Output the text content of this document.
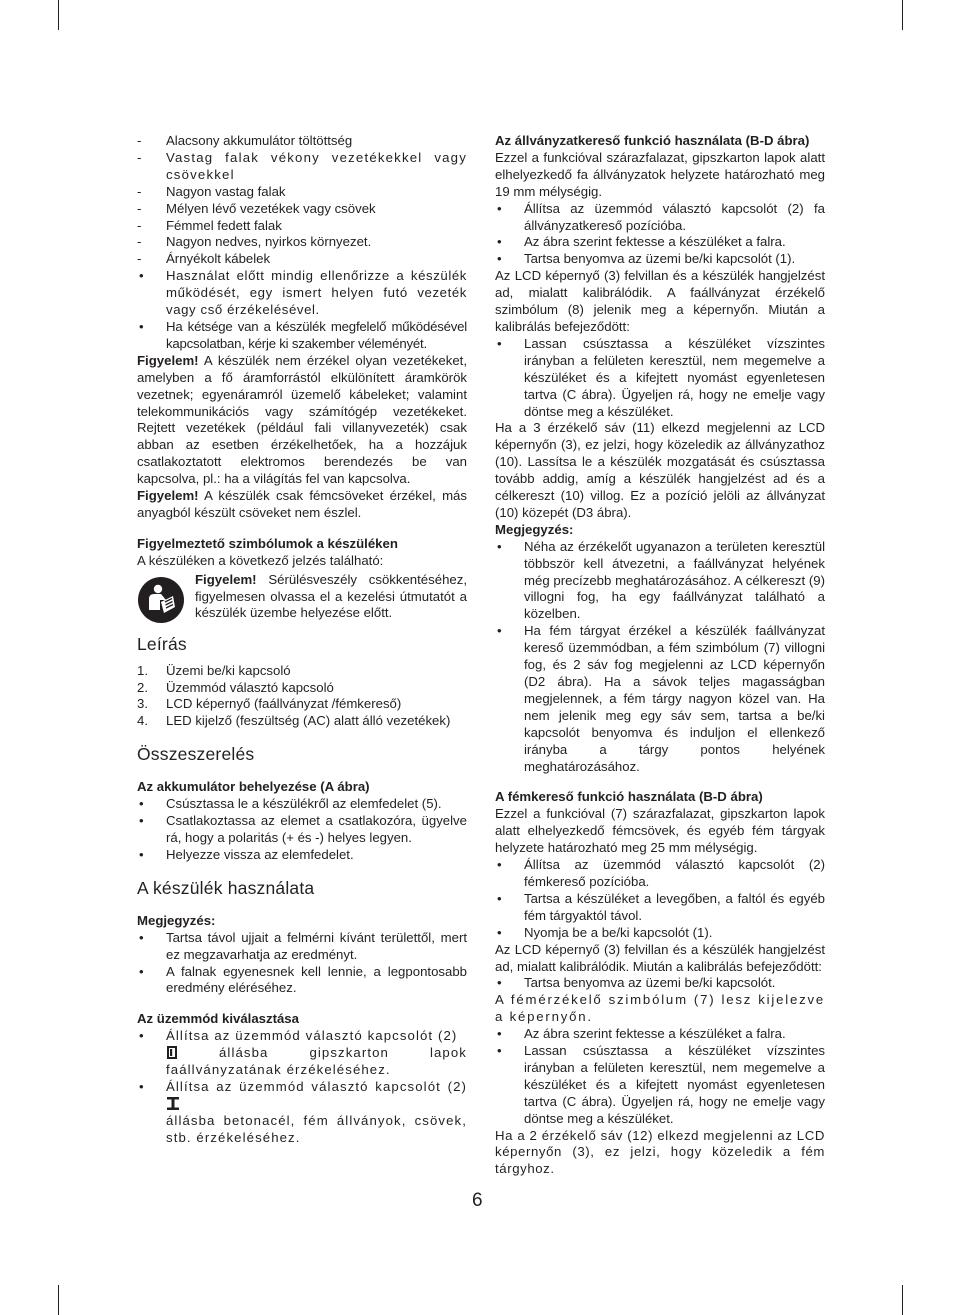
- Alacsony akkumulátor töltöttség
- Vastag falak vékony vezetékekkel vagy csövekkel
- Nagyon vastag falak
- Mélyen lévő vezetékek vagy csövek
- Fémmel fedett falak
- Nagyon nedves, nyirkos környezet.
- Árnyékolt kábelek
• Használat előtt mindig ellenőrizze a készülék működését, egy ismert helyen futó vezeték vagy cső érzékelésével.
• Ha kétsége van a készülék megfelelő működésével kapcsolatban, kérje ki szakember véleményét.

Figyelem! A készülék nem érzékel olyan vezetékeket, amelyben a fő áramforrástól elkülönített áramkörök vezetnek; egyenáramról üzemelő kábeleket; valamint telekommunikációs vagy számítógép vezetékeket. Rejtett vezetékek (például fali villanyvezeték) csak abban az esetben érzékelhetőek, ha a hozzájuk csatlakoztatott elektromos berendezés be van kapcsolva, pl.: ha a világítás fel van kapcsolva.

Figyelem! A készülék csak fémcsöveket érzékel, más anyagból készült csöveket nem észlel.

Figyelmeztető szimbólumok a készüléken

A készüléken a következő jelzés található:

Figyelem! Sérülésveszély csökkentéséhez, figyelmesen olvassa el a kezelési útmutatót a készülék üzembe helyezése előtt.

Leírás
1. Üzemi be/ki kapcsoló
2. Üzemmód választó kapcsoló
3. LCD képernyő (faállványzat /fémkereső)
4. LED kijelző (feszültség (AC) alatt álló vezetékek)
Összeszerelés

Az akkumulátor behelyezése (A ábra)

• Csúsztassa le a készülékről az elemfedelet (5).
• Csatlakoztassa az elemet a csatlakozóra, ügyelve rá, hogy a polaritás (+ és -) helyes legyen.
• Helyezze vissza az elemfedelet.
A készülék használata

Megjegyzés:

• Tartsa távol ujjait a felmérni kívánt területtől, mert ez megzavarhatja az eredményt.
• A falnak egyenesnek kell lennie, a legpontosabb eredmény eléréséhez.

Az üzemmód kiválasztása

• Állítsa az üzemmód választó kapcsolót (2)
állásba gipszkarton lapok faállványzatának érzékeléséhez.
• Állítsa az üzemmód választó kapcsolót (2)
állásba betonacél, fém állványok, csövek, stb. érzékeléséhez.

Az állványzatkereső funkció használata (B-D ábra)

Ezzel a funkcióval szárazfalazat, gipszkarton lapok alatt elhelyezkedő fa állványzatok helyzete határozható meg 19 mm mélységig.

• Állítsa az üzemmód választó kapcsolót (2) fa állványzatkereső pozícióba.
• Az ábra szerint fektesse a készüléket a falra.
• Tartsa benyomva az üzemi be/ki kapcsolót (1).

Az LCD képernyő (3) felvillan és a készülék hangjelzést ad, mialatt kalibrálódik. A faállványzat érzékelő szimbólum (8) jelenik meg a képernyőn. Miután a kalibrálás befejeződött:

• Lassan csúsztassa a készüléket vízszintes irányban a felületen keresztül, nem megemelve a készüléket és a kifejtett nyomást egyenletesen tartva (C ábra). Ügyeljen rá, hogy ne emelje vagy döntse meg a készüléket.

Ha a 3 érzékelő sáv (11) elkezd megjelenni az LCD képernyőn (3), ez jelzi, hogy közeledik az állványzathoz (10). Lassítsa le a készülék mozgatását és csúsztassa tovább addig, amíg a készülék hangjelzést ad és a célkereszt (10) villog. Ez a pozíció jelöli az állványzat (10) közepét (D3 ábra).

Megjegyzés:

• Néha az érzékelőt ugyanazon a területen keresztül többször kell átvezetni, a faállványzat helyének még precízebb meghatározásához. A célkereszt (9) villogni fog, ha egy faállványzat található a közelben.
• Ha fém tárgyat érzékel a készülék faállványzat kereső üzemmódban, a fém szimbólum (7) villogni fog, és 2 sáv fog megjelenni az LCD képernyőn (D2 ábra). Ha a sávok teljes magasságban megjelennek, a fém tárgy nagyon közel van. Ha nem jelenik meg egy sáv sem, tartsa a be/ki kapcsolót benyomva és induljon el ellenkező irányba a tárgy pontos helyének meghatározásához.

A fémkereső funkció használata (B-D ábra)

Ezzel a funkcióval (7) szárazfalazat, gipszkarton lapok alatt elhelyezkedő fémcsövek, és egyéb fém tárgyak helyzete határozható meg 25 mm mélységig.

• Állítsa az üzemmód választó kapcsolót (2) fémkereső pozícióba.
• Tartsa a készüléket a levegőben, a faltól és egyéb fém tárgyaktól távol.
• Nyomja be a be/ki kapcsolót (1).

Az LCD képernyő (3) felvillan és a készülék hangjelzést ad, mialatt kalibrálódik. Miután a kalibrálás befejeződött:

• Tartsa benyomva az üzemi be/ki kapcsolót.

A fémérzékelő szimbólum (7) lesz kijelezve a képernyőn.

• Az ábra szerint fektesse a készüléket a falra.
• Lassan csúsztassa a készüléket vízszintes irányban a felületen keresztül, nem megemelve a készüléket és a kifejtett nyomást egyenletesen tartva (C ábra). Ügyeljen rá, hogy ne emelje vagy döntse meg a készüléket.

Ha a 2 érzékelő sáv (12) elkezd megjelenni az LCD képernyőn (3), ez jelzi, hogy közeledik a fém tárgyhoz.

6
